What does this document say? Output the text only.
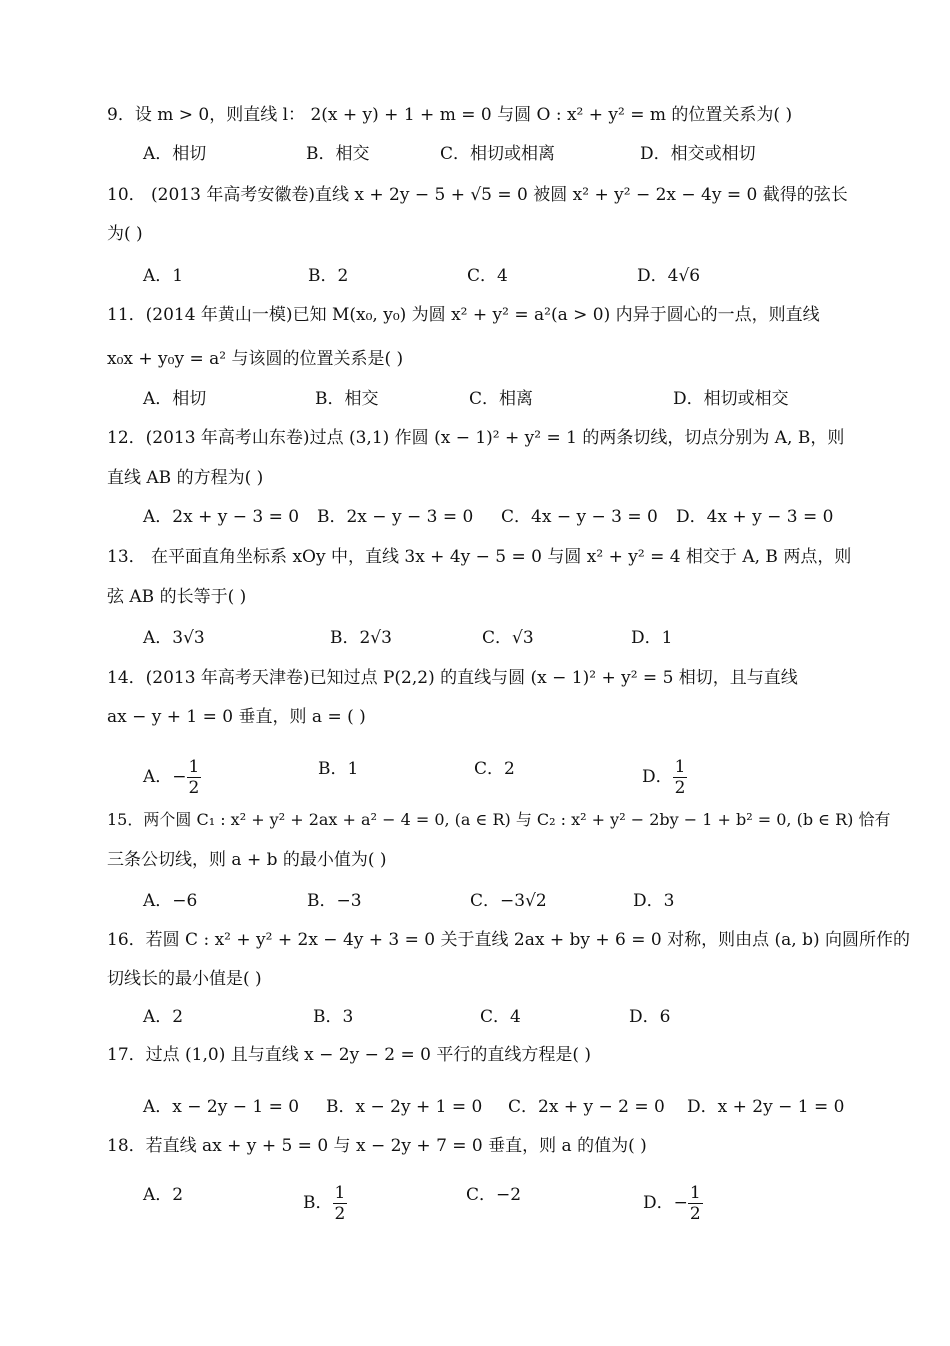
9．设 m > 0，则直线 l： 2(x + y) + 1 + m = 0 与圆 O : x² + y² = m 的位置关系为( )
A．相切	B．相交	C．相切或相离	D．相交或相切
10． (2013 年高考安徽卷)直线 x + 2y − 5 + √5 = 0 被圆 x² + y² − 2x − 4y = 0 截得的弦长
为( )
A．1	B．2	C．4	D．4√6
11．(2014 年黄山一模)已知 M(x₀, y₀) 为圆 x² + y² = a²(a > 0) 内异于圆心的一点，则直线
x₀x + y₀y = a² 与该圆的位置关系是( )
A．相切	B．相交	C．相离	D．相切或相交
12．(2013 年高考山东卷)过点 (3,1) 作圆 (x − 1)² + y² = 1 的两条切线，切点分别为 A, B，则
直线 AB 的方程为( )
A．2x + y − 3 = 0 B．2x − y − 3 = 0 C．4x − y − 3 = 0 D．4x + y − 3 = 0
13． 在平面直角坐标系 xOy 中，直线 3x + 4y − 5 = 0 与圆 x² + y² = 4 相交于 A, B 两点，则
弦 AB 的长等于( )
A．3√3	B．2√3	C．√3	D．1
14．(2013 年高考天津卷)已知过点 P(2,2) 的直线与圆 (x − 1)² + y² = 5 相切，且与直线
ax − y + 1 = 0 垂直，则 a = ( )
A．− $\frac{1}{2}$	B．1	C．2	D． $\frac{1}{2}$
15．两个圆 C₁ : x² + y² + 2ax + a² − 4 = 0, (a ∈ R) 与 C₂ : x² + y² − 2by − 1 + b² = 0, (b ∈ R) 恰有
三条公切线，则 a + b 的最小值为( )
A．−6	B．−3	C．−3√2	D．3
16．若圆 C : x² + y² + 2x − 4y + 3 = 0 关于直线 2ax + by + 6 = 0 对称，则由点 (a, b) 向圆所作的
切线长的最小值是( )
A．2	B．3	C．4	D．6
17．过点 (1,0) 且与直线 x − 2y − 2 = 0 平行的直线方程是( )
A．x − 2y − 1 = 0 B．x − 2y + 1 = 0 C．2x + y − 2 = 0 D．x + 2y − 1 = 0
18．若直线 ax + y + 5 = 0 与 x − 2y + 7 = 0 垂直，则 a 的值为( )
A．2	B． $\frac{1}{2}$	C．−2	D．− $\frac{1}{2}$
